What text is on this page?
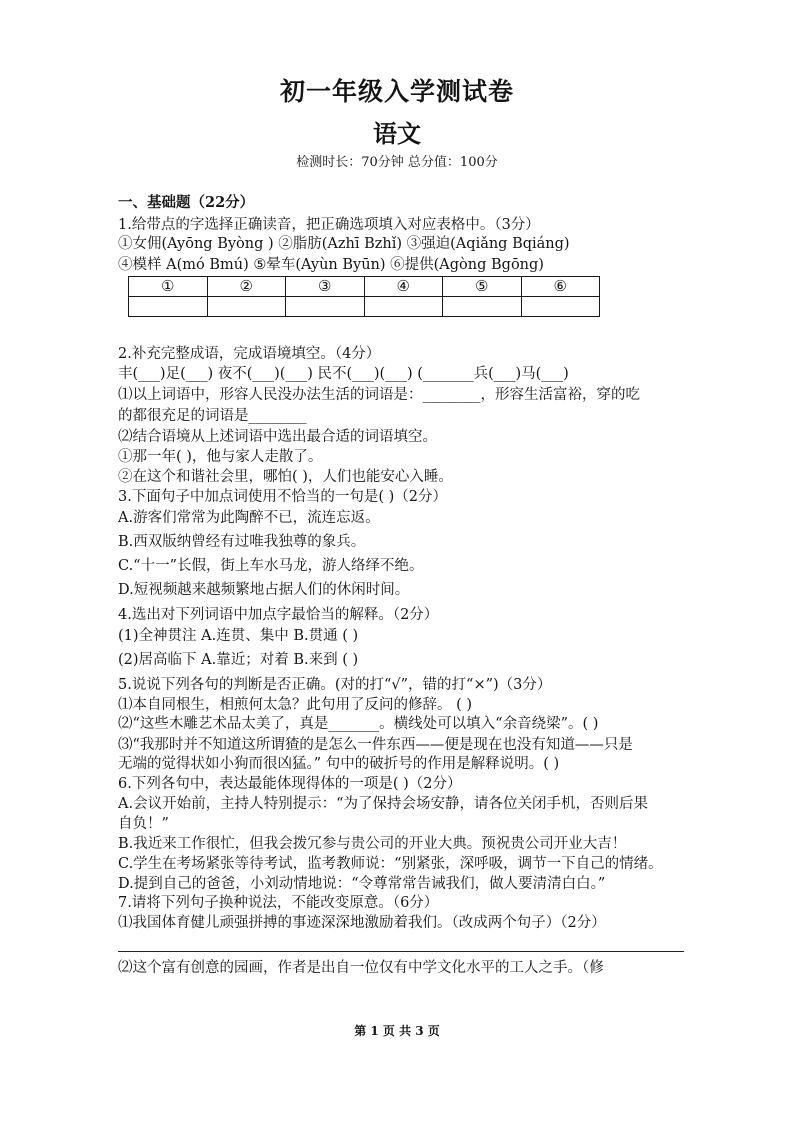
初一年级入学测试卷
语文
检测时长：70分钟 总分值：100分
一、基础题（22分）
1.给带点的字选择正确读音，把正确选项填入对应表格中。（3分）
①女佣(Ayōng Byòng ) ②脂肪(Azhī Bzhǐ) ③强迫(Aqiǎng Bqiáng)
④模样 A(mó Bmú) ⑤晕车(Ayùn Byūn) ⑥提供(Agòng Bgōng)
①	②	③	④	⑤	⑥

2.补充完整成语，完成语境填空。（4分）
丰(___)足(___) 夜不(___)(___) 民不(___)(___) (_______兵(___)马(___)
⑴以上词语中，形容人民没办法生活的词语是：________，形容生活富裕，穿的吃
的都很充足的词语是________
⑵结合语境从上述词语中选出最合适的词语填空。
①那一年( )，他与家人走散了。
②在这个和谐社会里，哪怕( )，人们也能安心入睡。
3.下面句子中加点词使用不恰当的一句是( )（2分）
A.游客们常常为此陶醉不已，流连忘返。
B.西双版纳曾经有过唯我独尊的象兵。
C.“十一”长假，街上车水马龙，游人络绎不绝。
D.短视频越来越频繁地占据人们的休闲时间。
4.选出对下列词语中加点字最恰当的解释。（2分）
(1)全神贯注 A.连贯、集中 B.贯通 ( )
(2)居高临下 A.靠近；对着 B.来到 ( )
5.说说下列各句的判断是否正确。(对的打“√”，错的打“×”)（3分）
⑴本自同根生，相煎何太急？此句用了反问的修辞。 ( )
⑵“这些木雕艺术品太美了，真是_______。横线处可以填入“余音绕梁”。( )
⑶“我那时并不知道这所谓猹的是怎么一件东西——便是现在也没有知道——只是
无端的觉得状如小狗而很凶猛。” 句中的破折号的作用是解释说明。( )
6.下列各句中，表达最能体现得体的一项是( )（2分）
A.会议开始前，主持人特别提示：“为了保持会场安静，请各位关闭手机，否则后果
自负！”
B.我近来工作很忙，但我会拨冗参与贵公司的开业大典。预祝贵公司开业大吉！
C.学生在考场紧张等待考试，监考教师说：“别紧张，深呼吸，调节一下自己的情绪。
D.提到自己的爸爸，小刘动情地说：“令尊常常告诫我们，做人要清清白白。”
7.请将下列句子换种说法，不能改变原意。（6分）
⑴我国体育健儿顽强拼搏的事迹深深地激励着我们。（改成两个句子）（2分）
⑵这个富有创意的园画，作者是出自一位仅有中学文化水平的工人之手。（修
第 1 页 共 3 页
